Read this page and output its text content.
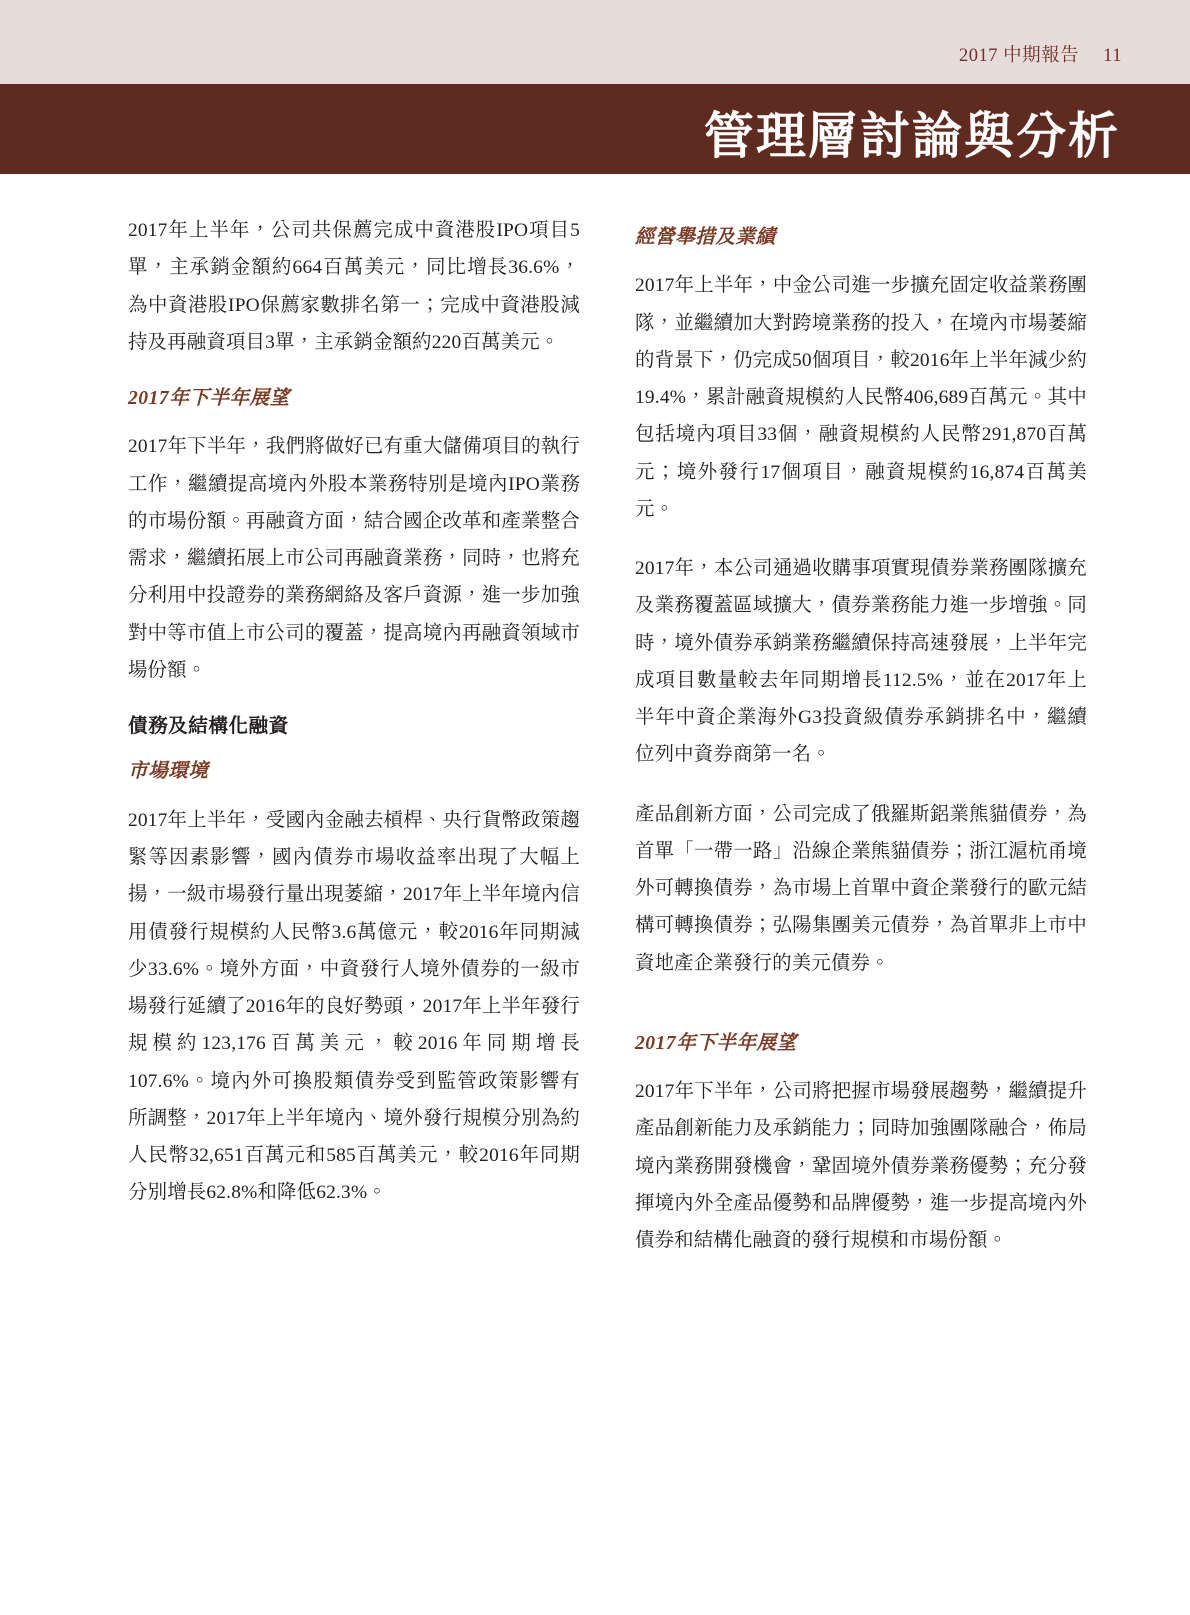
2017 中期報告 11
管理層討論與分析

2017年上半年，公司共保薦完成中資港股IPO項目5單，主承銷金額約664百萬美元，同比增長36.6%，為中資港股IPO保薦家數排名第一；完成中資港股減持及再融資項目3單，主承銷金額約220百萬美元。

2017年下半年展望

2017年下半年，我們將做好已有重大儲備項目的執行工作，繼續提高境內外股本業務特別是境內IPO業務的市場份額。再融資方面，結合國企改革和產業整合需求，繼續拓展上市公司再融資業務，同時，也將充分利用中投證券的業務網絡及客戶資源，進一步加強對中等市值上市公司的覆蓋，提高境內再融資領域市場份額。

債務及結構化融資
市場環境

2017年上半年，受國內金融去槓桿、央行貨幣政策趨緊等因素影響，國內債券市場收益率出現了大幅上揚，一級市場發行量出現萎縮，2017年上半年境內信用債發行規模約人民幣3.6萬億元，較2016年同期減少33.6%。境外方面，中資發行人境外債券的一級市場發行延續了2016年的良好勢頭，2017年上半年發行規模約123,176百萬美元，較2016年同期增長107.6%。境內外可換股類債券受到監管政策影響有所調整，2017年上半年境內、境外發行規模分別為約人民幣32,651百萬元和585百萬美元，較2016年同期分別增長62.8%和降低62.3%。

經營舉措及業績

2017年上半年，中金公司進一步擴充固定收益業務團隊，並繼續加大對跨境業務的投入，在境內市場萎縮的背景下，仍完成50個項目，較2016年上半年減少約19.4%，累計融資規模約人民幣406,689百萬元。其中包括境內項目33個，融資規模約人民幣291,870百萬元；境外發行17個項目，融資規模約16,874百萬美元。

2017年，本公司通過收購事項實現債券業務團隊擴充及業務覆蓋區域擴大，債券業務能力進一步增強。同時，境外債券承銷業務繼續保持高速發展，上半年完成項目數量較去年同期增長112.5%，並在2017年上半年中資企業海外G3投資級債券承銷排名中，繼續位列中資券商第一名。

產品創新方面，公司完成了俄羅斯鋁業熊貓債券，為首單「一帶一路」沿線企業熊貓債券；浙江滬杭甬境外可轉換債券，為市場上首單中資企業發行的歐元結構可轉換債券；弘陽集團美元債券，為首單非上市中資地產企業發行的美元債券。

2017年下半年展望

2017年下半年，公司將把握市場發展趨勢，繼續提升產品創新能力及承銷能力；同時加強團隊融合，佈局境內業務開發機會，鞏固境外債券業務優勢；充分發揮境內外全產品優勢和品牌優勢，進一步提高境內外債券和結構化融資的發行規模和市場份額。
